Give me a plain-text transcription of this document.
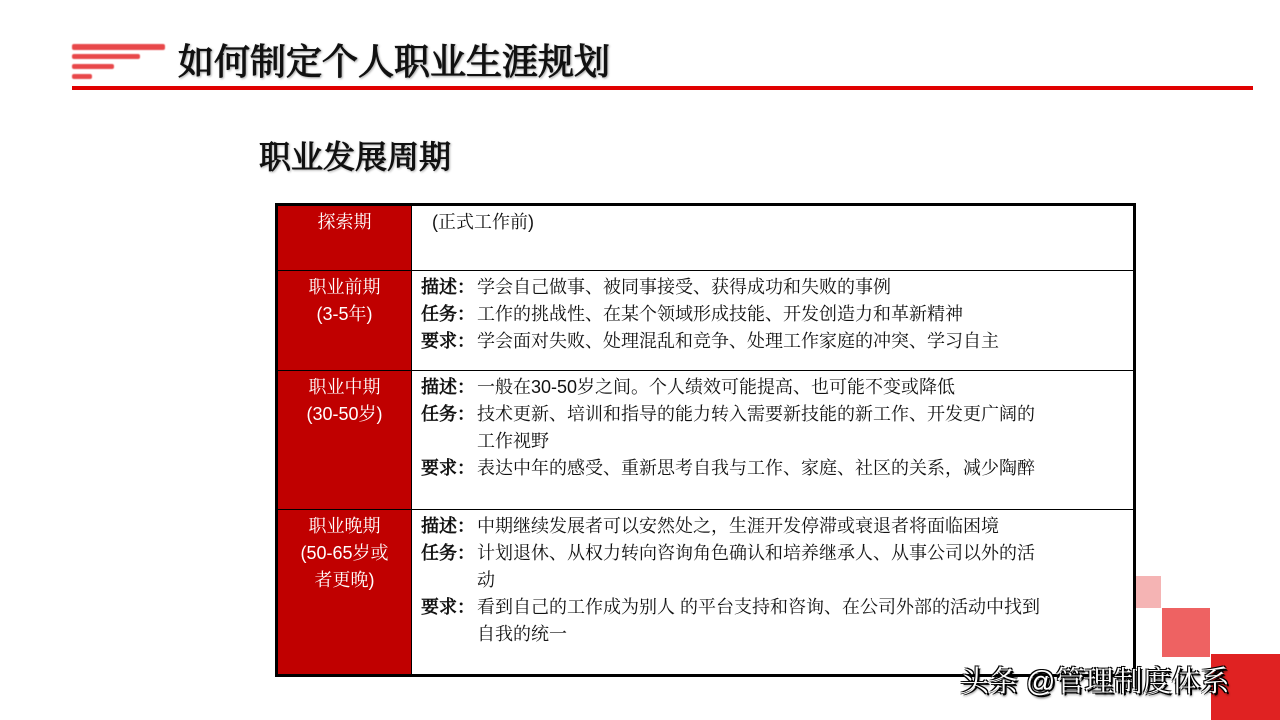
如何制定个人职业生涯规划
职业发展周期
探索期	(正式工作前)
职业前期
(3-5年)
描述： 学会自己做事、被同事接受、获得成功和失败的事例
任务： 工作的挑战性、在某个领域形成技能、开发创造力和革新精神
要求： 学会面对失败、处理混乱和竞争、处理工作家庭的冲突、学习自主
职业中期
(30-50岁)
描述： 一般在30-50岁之间。个人绩效可能提高、也可能不变或降低
任务： 技术更新、培训和指导的能力转入需要新技能的新工作、开发更广阔的
工作视野
要求： 表达中年的感受、重新思考自我与工作、家庭、社区的关系，减少陶醉
职业晚期
(50-65岁或
者更晚)
描述： 中期继续发展者可以安然处之，生涯开发停滞或衰退者将面临困境
任务： 计划退休、从权力转向咨询角色确认和培养继承人、从事公司以外的活
动
要求： 看到自己的工作成为别人 的平台支持和咨询、在公司外部的活动中找到
自我的统一
头条 @管理制度体系
